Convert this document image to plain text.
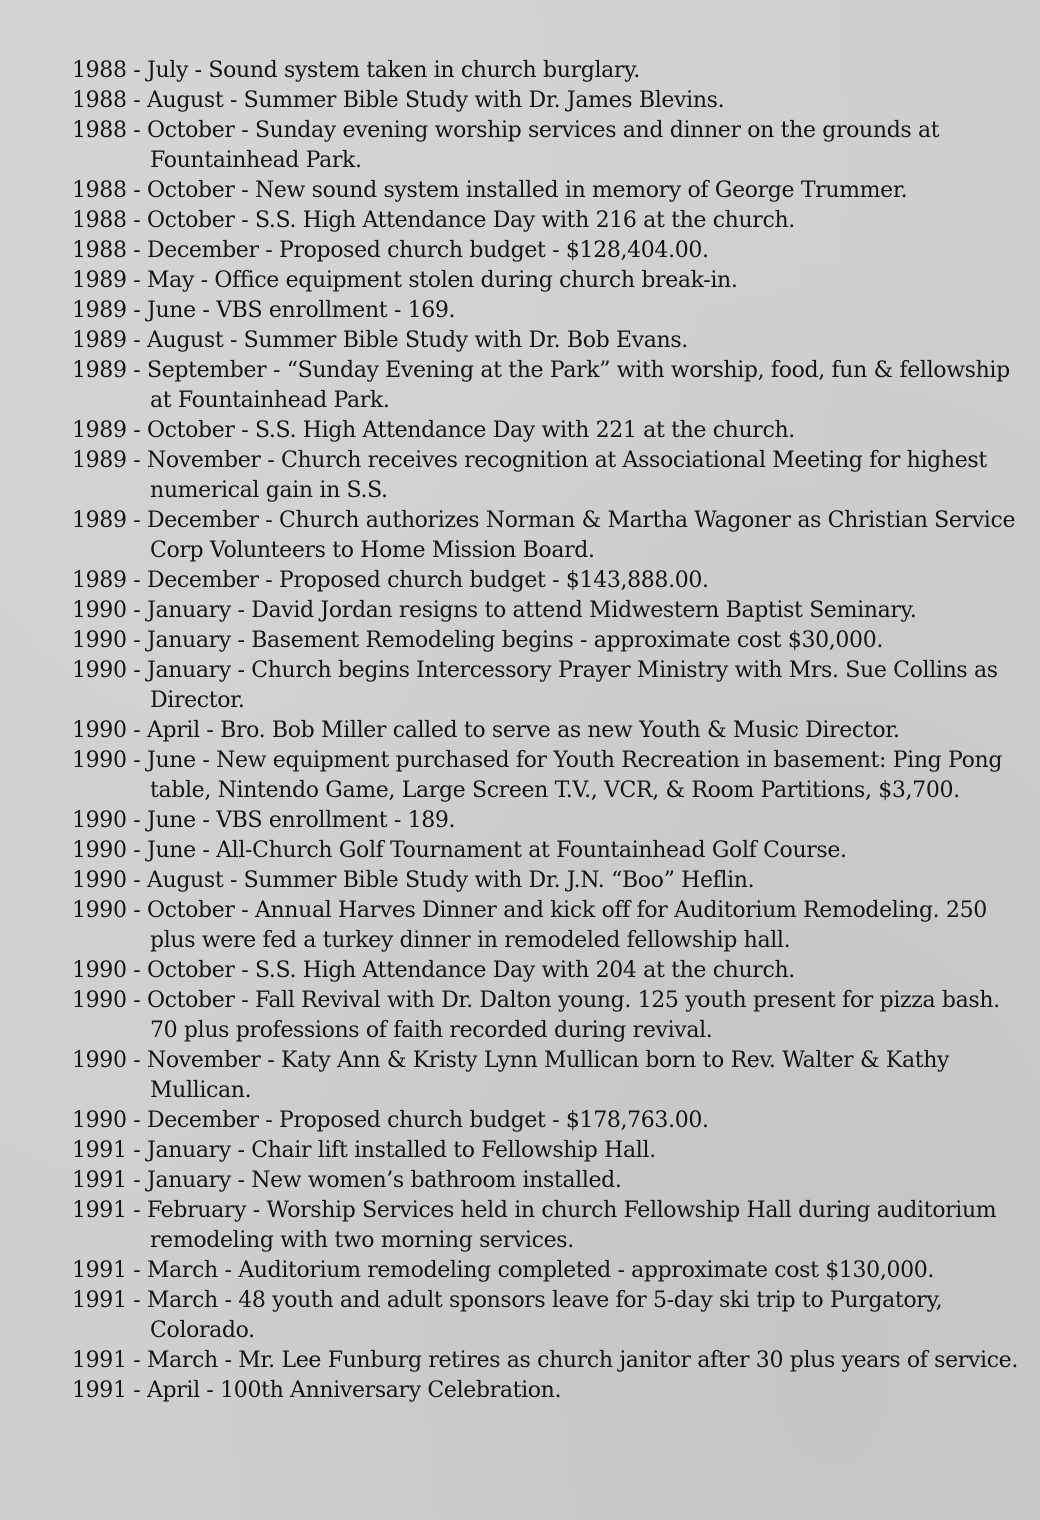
1988 - July - Sound system taken in church burglary.
1988 - August - Summer Bible Study with Dr. James Blevins.
1988 - October - Sunday evening worship services and dinner on the grounds at Fountainhead Park.
1988 - October - New sound system installed in memory of George Trummer.
1988 - October - S.S. High Attendance Day with 216 at the church.
1988 - December - Proposed church budget - $128,404.00.
1989 - May - Office equipment stolen during church break-in.
1989 - June - VBS enrollment - 169.
1989 - August - Summer Bible Study with Dr. Bob Evans.
1989 - September - “Sunday Evening at the Park” with worship, food, fun & fellowship at Fountainhead Park.
1989 - October - S.S. High Attendance Day with 221 at the church.
1989 - November - Church receives recognition at Associational Meeting for highest numerical gain in S.S.
1989 - December - Church authorizes Norman & Martha Wagoner as Christian Service Corp Volunteers to Home Mission Board.
1989 - December - Proposed church budget - $143,888.00.
1990 - January - David Jordan resigns to attend Midwestern Baptist Seminary.
1990 - January - Basement Remodeling begins - approximate cost $30,000.
1990 - January - Church begins Intercessory Prayer Ministry with Mrs. Sue Collins as Director.
1990 - April - Bro. Bob Miller called to serve as new Youth & Music Director.
1990 - June - New equipment purchased for Youth Recreation in basement: Ping Pong table, Nintendo Game, Large Screen T.V., VCR, & Room Partitions, $3,700.
1990 - June - VBS enrollment - 189.
1990 - June - All-Church Golf Tournament at Fountainhead Golf Course.
1990 - August - Summer Bible Study with Dr. J.N. “Boo” Heflin.
1990 - October - Annual Harves Dinner and kick off for Auditorium Remodeling. 250 plus were fed a turkey dinner in remodeled fellowship hall.
1990 - October - S.S. High Attendance Day with 204 at the church.
1990 - October - Fall Revival with Dr. Dalton young. 125 youth present for pizza bash. 70 plus professions of faith recorded during revival.
1990 - November - Katy Ann & Kristy Lynn Mullican born to Rev. Walter & Kathy Mullican.
1990 - December - Proposed church budget - $178,763.00.
1991 - January - Chair lift installed to Fellowship Hall.
1991 - January - New women’s bathroom installed.
1991 - February - Worship Services held in church Fellowship Hall during auditorium remodeling with two morning services.
1991 - March - Auditorium remodeling completed - approximate cost $130,000.
1991 - March - 48 youth and adult sponsors leave for 5-day ski trip to Purgatory, Colorado.
1991 - March - Mr. Lee Funburg retires as church janitor after 30 plus years of service.
1991 - April - 100th Anniversary Celebration.
